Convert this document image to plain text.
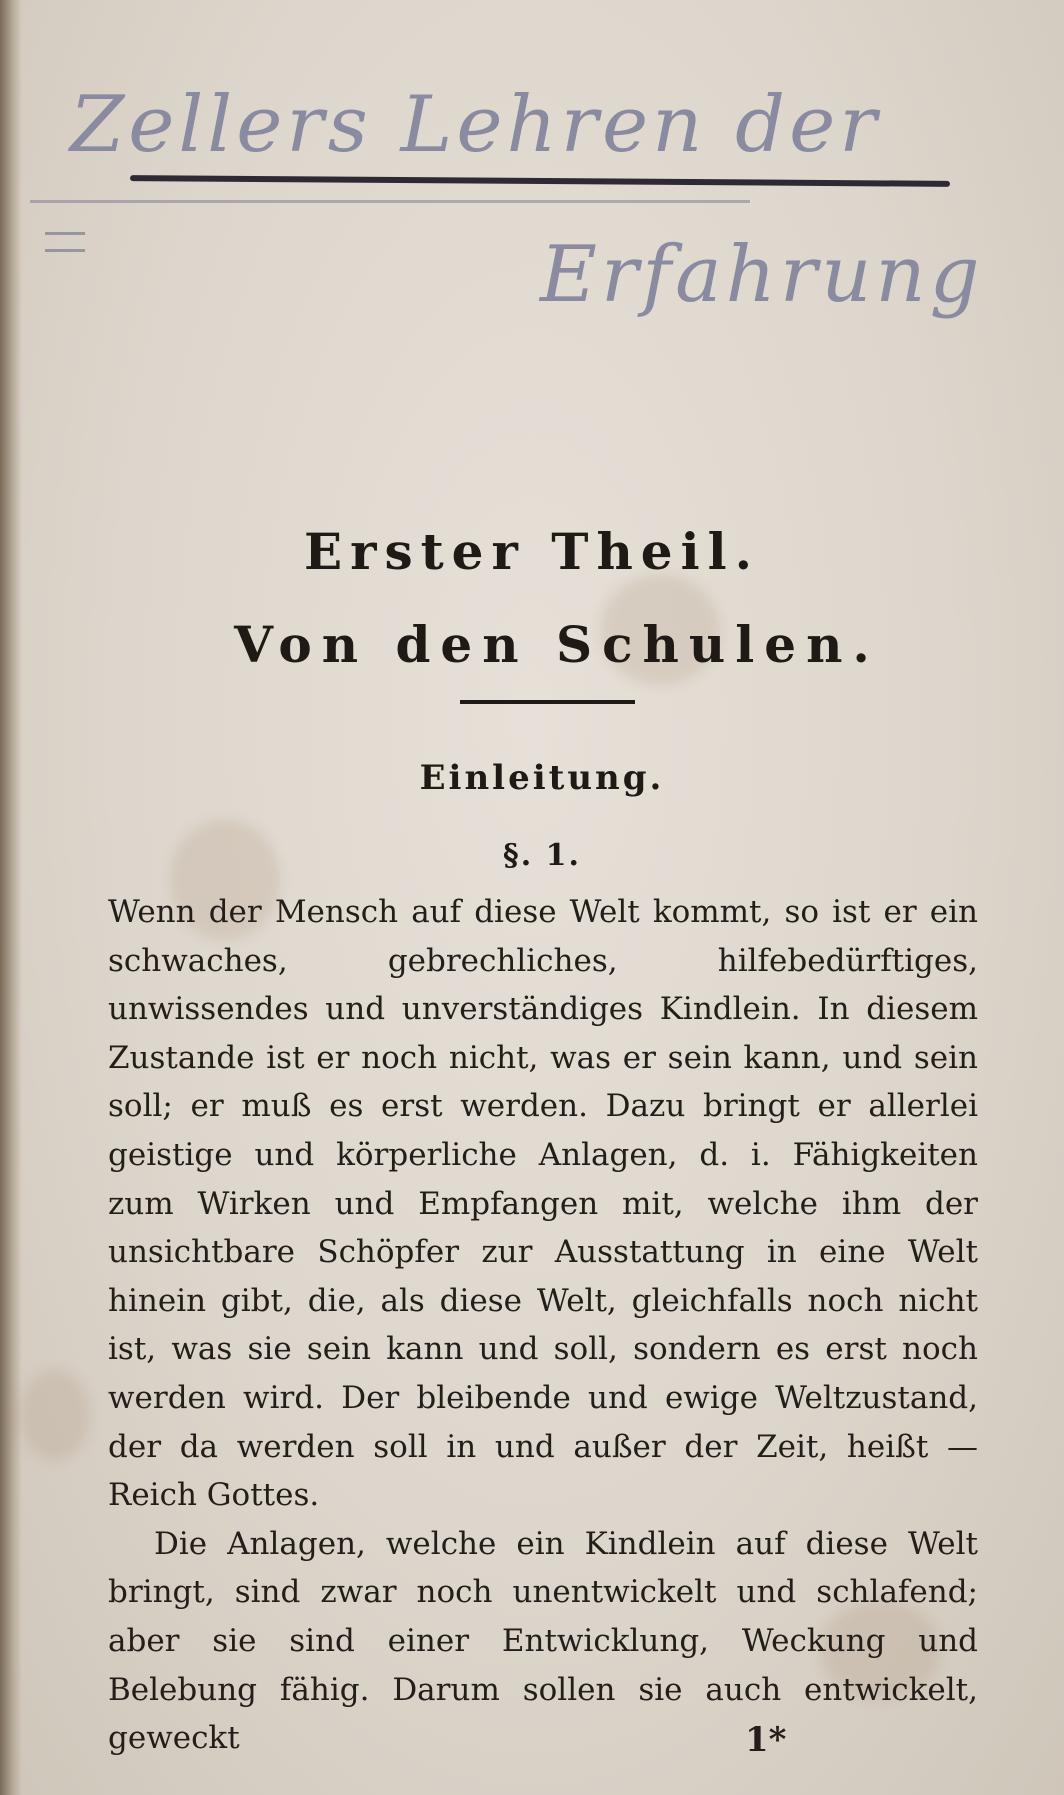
Zellers Lehren der
Erfahrung
Erster Theil.
Von den Schulen.
Einleitung.
§. 1.

Wenn der Mensch auf diese Welt kommt, so ist er ein schwaches, gebrechliches, hilfebedürftiges, unwissendes und unverständiges Kindlein. In diesem Zustande ist er noch nicht, was er sein kann, und sein soll; er muß es erst werden. Dazu bringt er allerlei geistige und körperliche Anlagen, d. i. Fähigkeiten zum Wirken und Empfangen mit, welche ihm der unsichtbare Schöpfer zur Ausstattung in eine Welt hinein gibt, die, als diese Welt, gleichfalls noch nicht ist, was sie sein kann und soll, sondern es erst noch werden wird. Der bleibende und ewige Weltzustand, der da werden soll in und außer der Zeit, heißt — Reich Gottes.

Die Anlagen, welche ein Kindlein auf diese Welt bringt, sind zwar noch unentwickelt und schlafend; aber sie sind einer Entwicklung, Weckung und Belebung fähig. Darum sollen sie auch entwickelt, geweckt	1*
